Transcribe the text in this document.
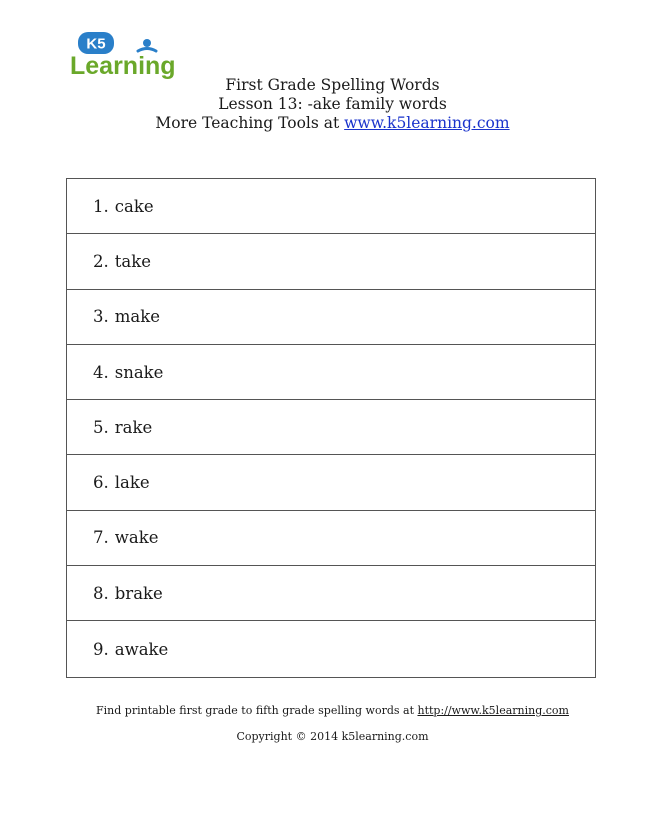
K5
Learning
First Grade Spelling Words
Lesson 13: -ake family words
More Teaching Tools at www.k5learning.com
1. cake
2. take
3. make
4. snake
5. rake
6. lake
7. wake
8. brake
9. awake
Find printable first grade to fifth grade spelling words at http://www.k5learning.com
Copyright © 2014 k5learning.com
